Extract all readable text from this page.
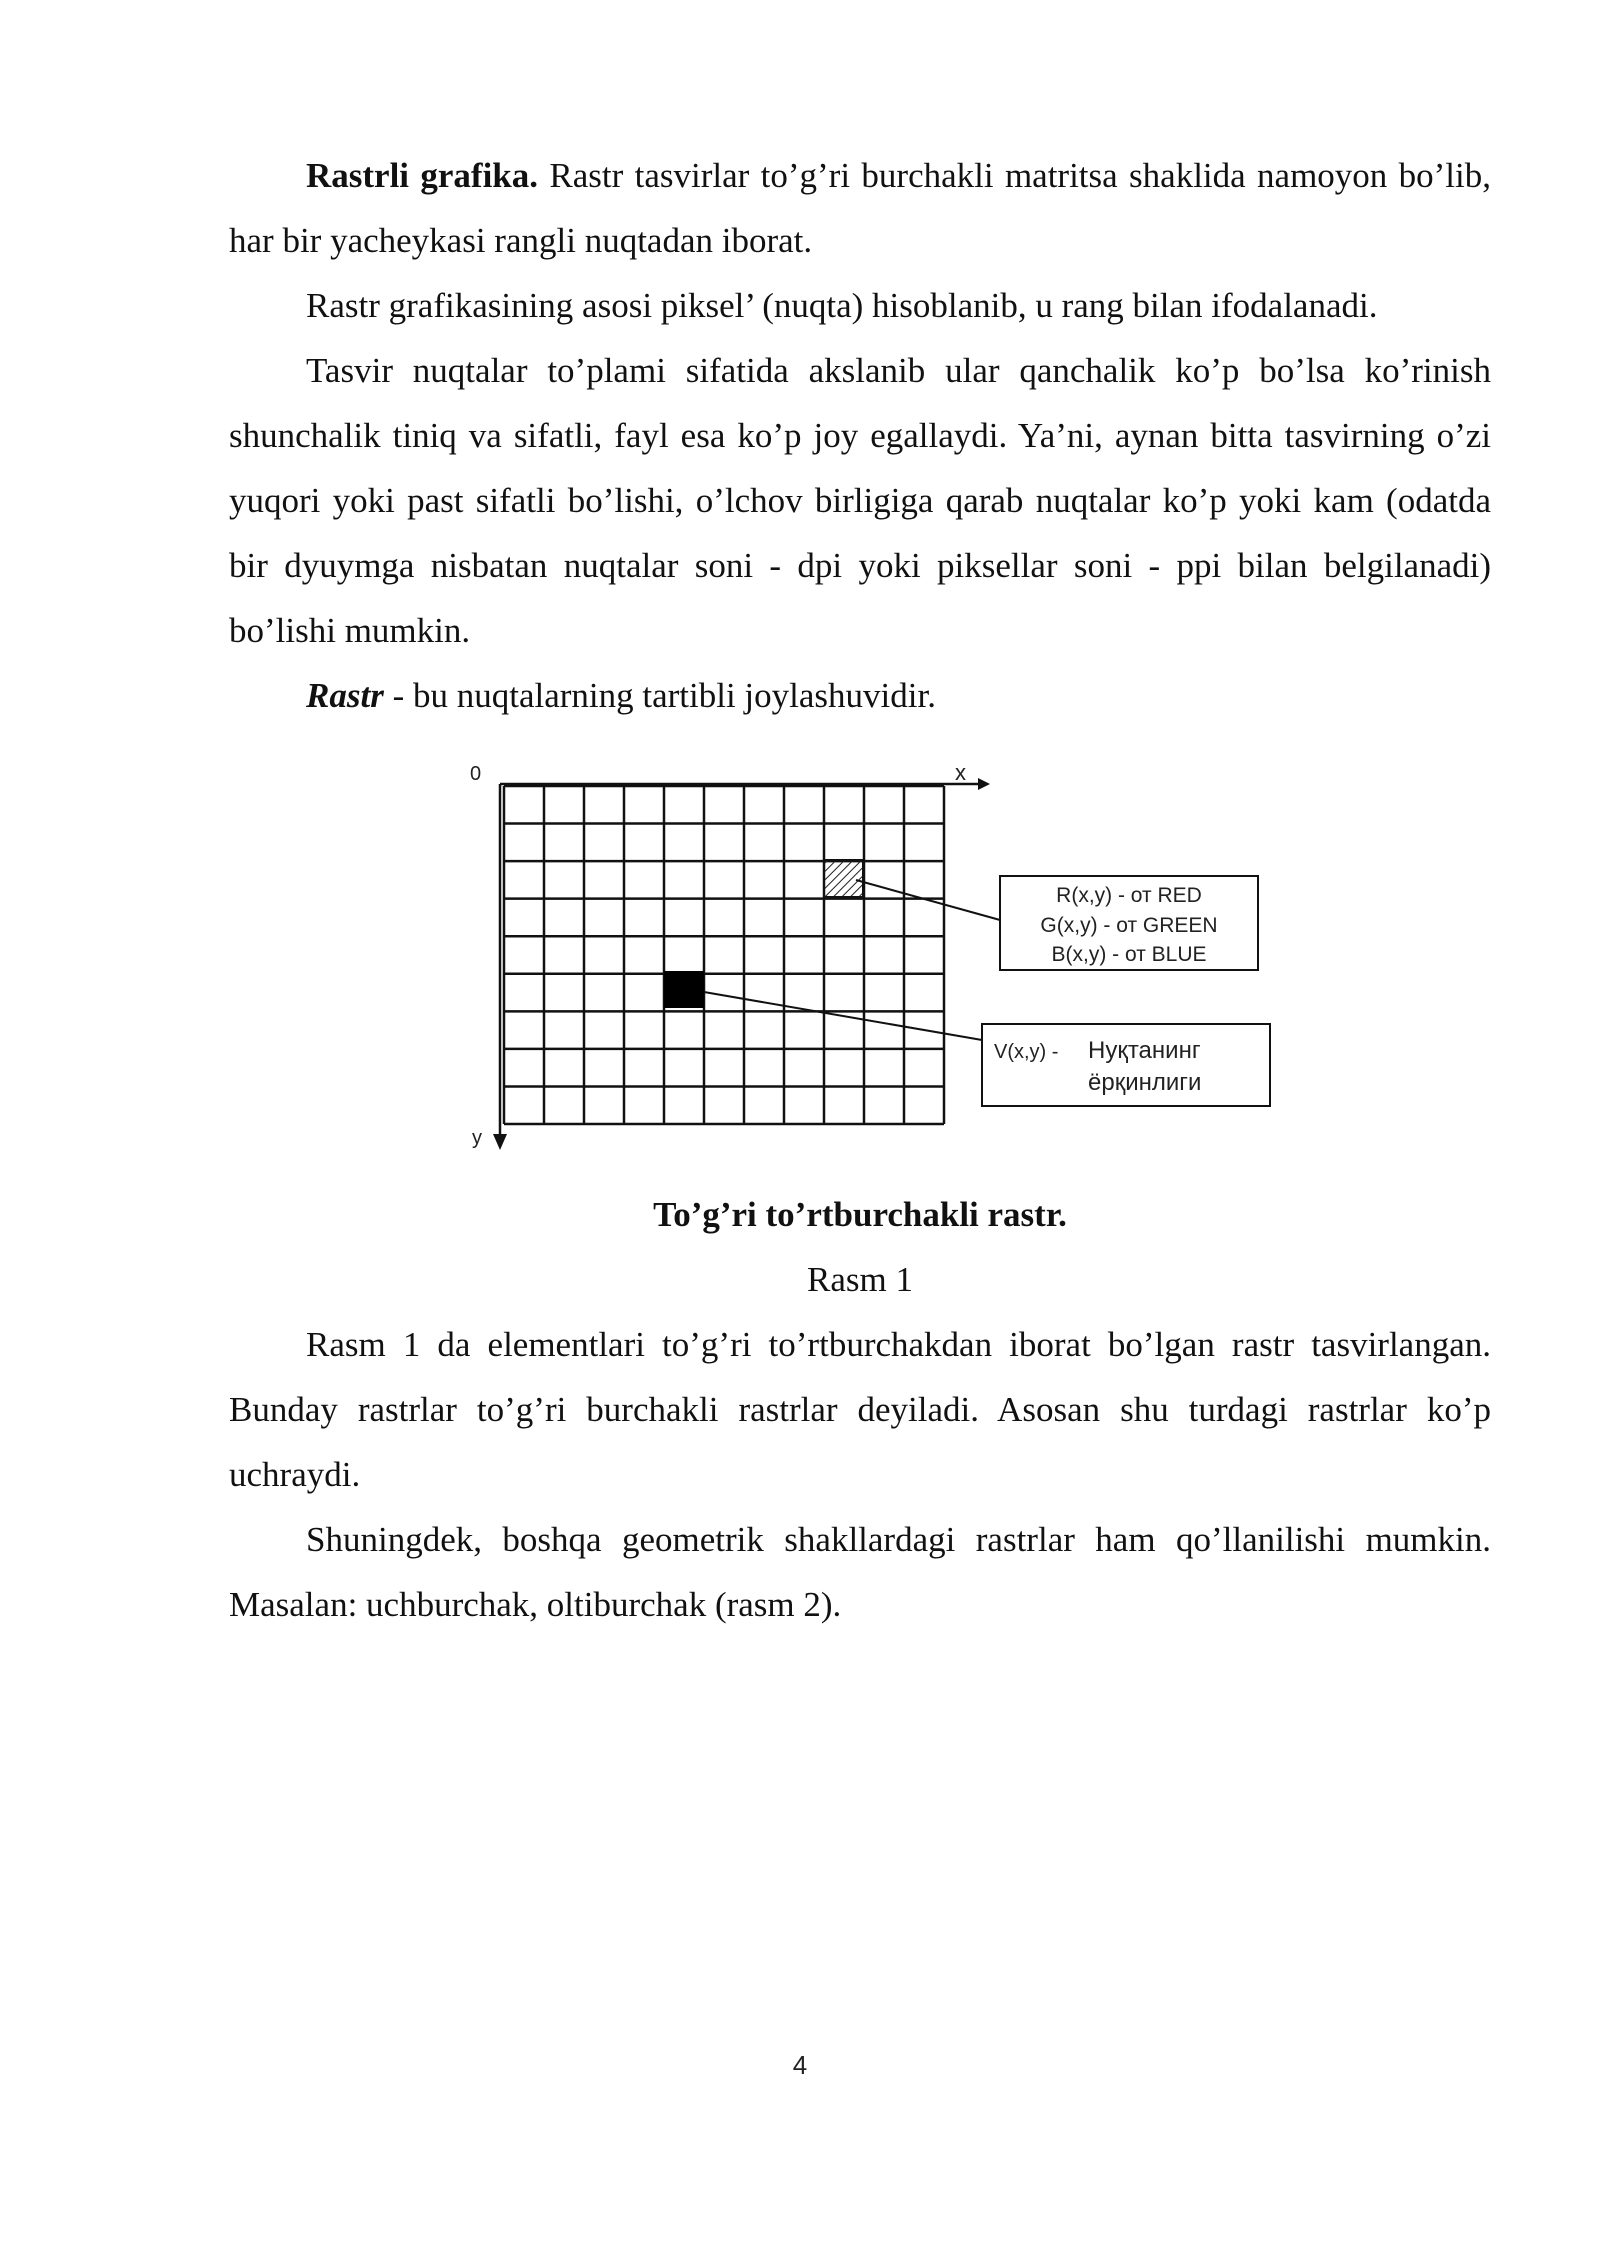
Rastrli grafika. Rastr tasvirlar to’g’ri burchakli matritsa shaklida namoyon bo’lib, har bir yacheykasi rangli nuqtadan iborat.

Rastr grafikasining asosi piksel’ (nuqta) hisoblanib, u rang bilan ifodalanadi.

Tasvir nuqtalar to’plami sifatida akslanib ular qanchalik ko’p bo’lsa ko’rinish shunchalik tiniq va sifatli, fayl esa ko’p joy egallaydi. Ya’ni, aynan bitta tasvirning o’zi yuqori yoki past sifatli bo’lishi, o’lchov birligiga qarab nuqtalar ko’p yoki kam (odatda bir dyuymga nisbatan nuqtalar soni - dpi yoki piksellar soni - ppi bilan belgilanadi) bo’lishi mumkin.

Rastr - bu nuqtalarning tartibli joylashuvidir.

0	x
y
R(x,y) - от RED
G(x,y) - от GREEN
B(x,y) - от BLUE
V(x,y) - Нуқтанинг
ёрқинлиги
To’g’ri to’rtburchakli rastr.
Rasm 1

Rasm 1 da elementlari to’g’ri to’rtburchakdan iborat bo’lgan rastr tasvirlangan. Bunday rastrlar to’g’ri burchakli rastrlar deyiladi. Asosan shu turdagi rastrlar ko’p uchraydi.

Shuningdek, boshqa geometrik shakllardagi rastrlar ham qo’llanilishi mumkin. Masalan: uchburchak, oltiburchak (rasm 2).

4
